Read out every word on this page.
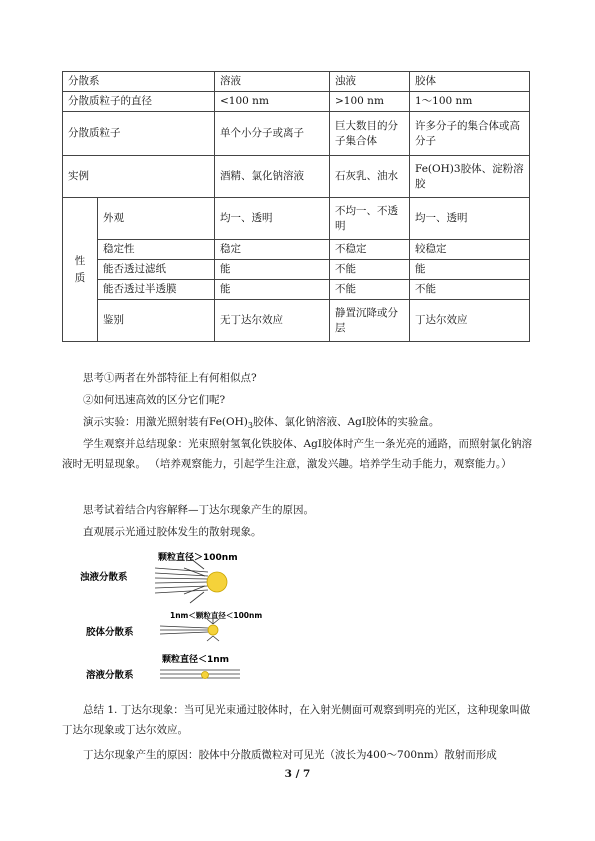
分散系		溶液	浊液	胶体
分散质粒子的直径		<100 nm	>100 nm	1～100 nm
分散质粒子		单个小分子或离子	巨大数目的分子集合体	许多分子的集合体或高分子
实例		酒精、氯化钠溶液	石灰乳、油水	Fe(OH)3胶体、淀粉溶胶
性
质	外观	均一、透明	不均一、不透明	均一、透明
	稳定性	稳定	不稳定	较稳定
	能否透过滤纸	能	不能	能
	能否透过半透膜	能	不能	不能
	鉴别	无丁达尔效应	静置沉降或分层	丁达尔效应

思考①两者在外部特征上有何相似点?

②如何迅速高效的区分它们呢?

演示实验：用激光照射装有$Fe(OH)_3$胶体、氯化钠溶液、AgI胶体的实验盒。

学生观察并总结现象：光束照射氢氧化铁胶体、AgI胶体时产生一条光亮的通路，而照射氯化钠溶液时无明显现象。 （培养观察能力，引起学生注意，激发兴趣。培养学生动手能力，观察能力。）

思考试着结合内容解释—丁达尔现象产生的原因。

直观展示光通过胶体发生的散射现象。

颗粒直径＞100nm
浊液分散系
1nm＜颗粒直径＜100nm
胶体分散系
颗粒直径＜1nm
溶液分散系

总结 1. 丁达尔现象：当可见光束通过胶体时，在入射光侧面可观察到明亮的光区，这种现象叫做丁达尔现象或丁达尔效应。

丁达尔现象产生的原因：胶体中分散质微粒对可见光（波长为400～700nm）散射而形成

3 / 7
